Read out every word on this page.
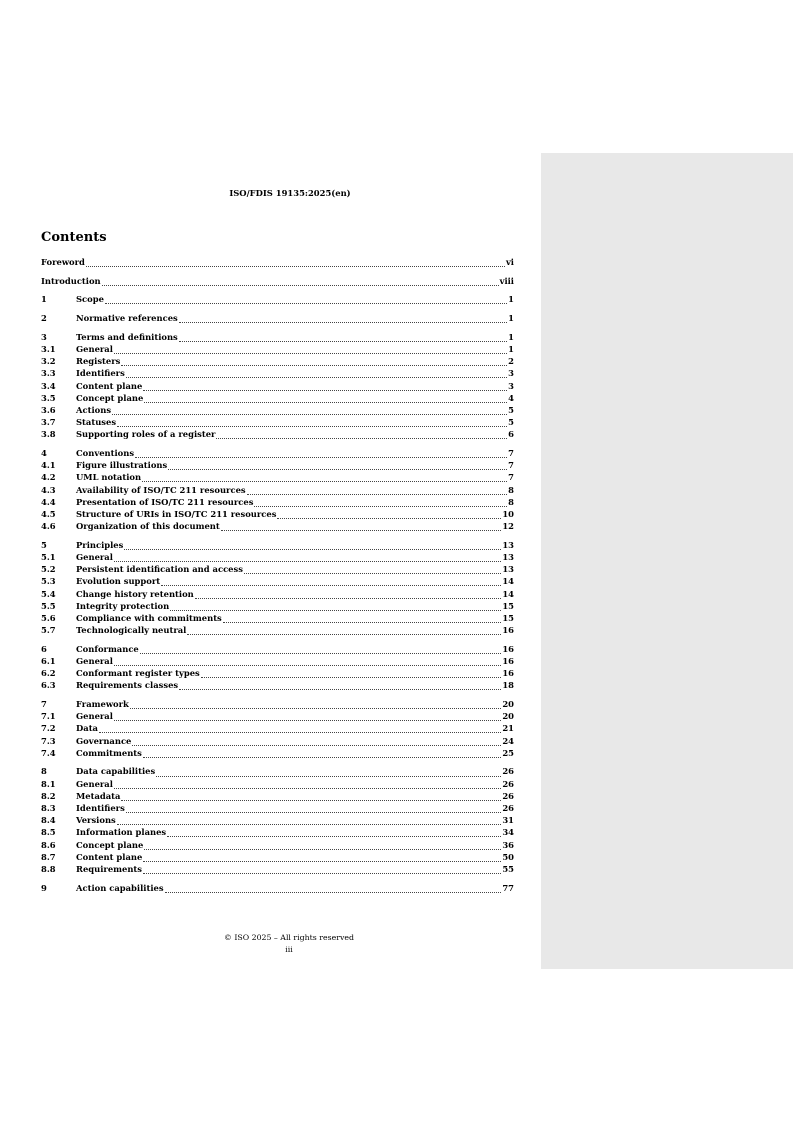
ISO/FDIS 19135:2025(en)
Contents
Foreword	vi
Introduction	viii
1	Scope	1
2	Normative references	1
3	Terms and definitions	1
3.1	General	1
3.2	Registers	2
3.3	Identifiers	3
3.4	Content plane	3
3.5	Concept plane	4
3.6	Actions	5
3.7	Statuses	5
3.8	Supporting roles of a register	6
4	Conventions	7
4.1	Figure illustrations	7
4.2	UML notation	7
4.3	Availability of ISO/TC 211 resources	8
4.4	Presentation of ISO/TC 211 resources	8
4.5	Structure of URIs in ISO/TC 211 resources	10
4.6	Organization of this document	12
5	Principles	13
5.1	General	13
5.2	Persistent identification and access	13
5.3	Evolution support	14
5.4	Change history retention	14
5.5	Integrity protection	15
5.6	Compliance with commitments	15
5.7	Technologically neutral	16
6	Conformance	16
6.1	General	16
6.2	Conformant register types	16
6.3	Requirements classes	18
7	Framework	20
7.1	General	20
7.2	Data	21
7.3	Governance	24
7.4	Commitments	25
8	Data capabilities	26
8.1	General	26
8.2	Metadata	26
8.3	Identifiers	26
8.4	Versions	31
8.5	Information planes	34
8.6	Concept plane	36
8.7	Content plane	50
8.8	Requirements	55
9	Action capabilities	77
© ISO 2025 – All rights reserved
iii
